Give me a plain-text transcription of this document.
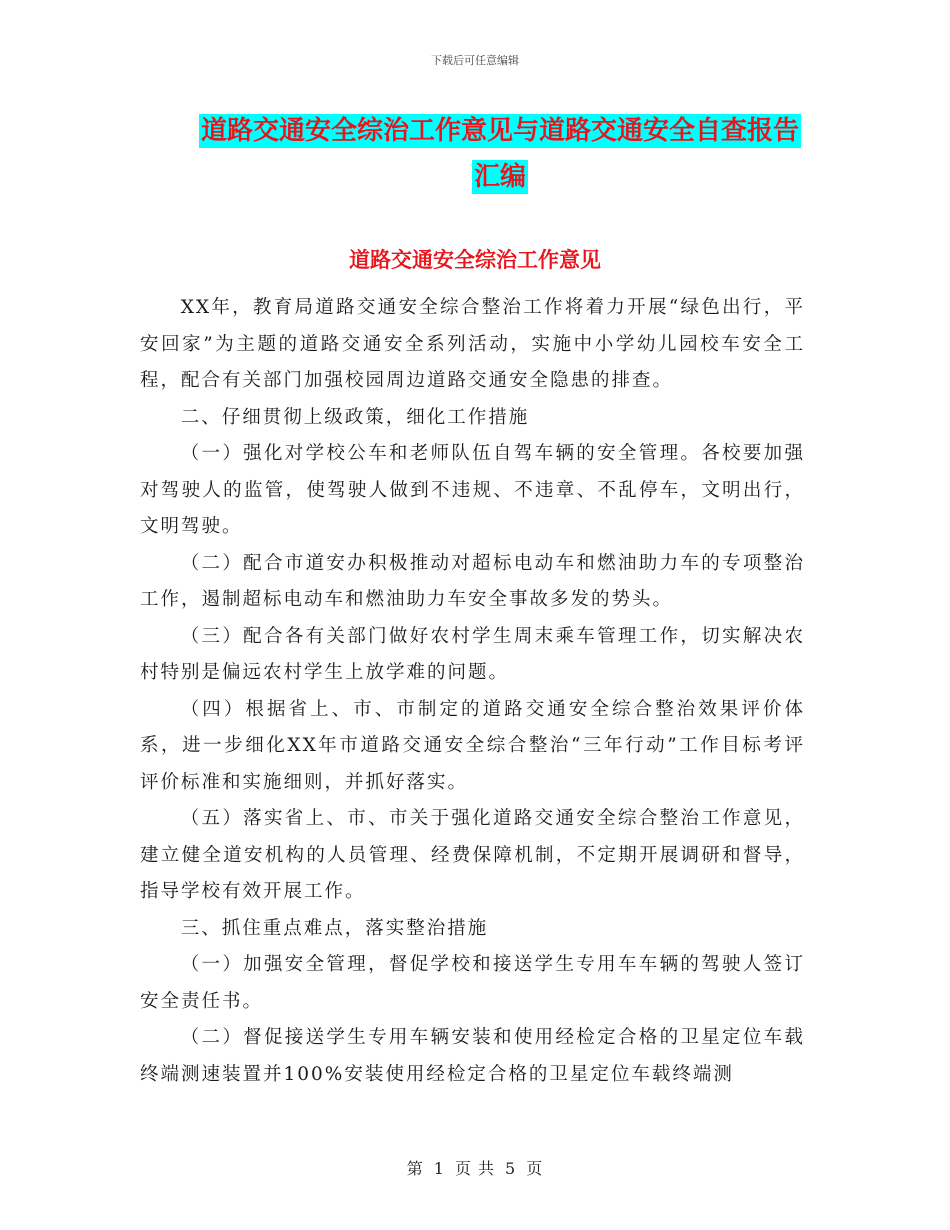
下载后可任意编辑
道路交通安全综治工作意见与道路交通安全自查报告
汇编
道路交通安全综治工作意见

XX年，教育局道路交通安全综合整治工作将着力开展“绿色出行，平安回家”为主题的道路交通安全系列活动，实施中小学幼儿园校车安全工程，配合有关部门加强校园周边道路交通安全隐患的排查。

二、仔细贯彻上级政策，细化工作措施

（一）强化对学校公车和老师队伍自驾车辆的安全管理。各校要加强对驾驶人的监管，使驾驶人做到不违规、不违章、不乱停车，文明出行，文明驾驶。

（二）配合市道安办积极推动对超标电动车和燃油助力车的专项整治工作，遏制超标电动车和燃油助力车安全事故多发的势头。

（三）配合各有关部门做好农村学生周末乘车管理工作，切实解决农村特别是偏远农村学生上放学难的问题。

（四）根据省上、市、市制定的道路交通安全综合整治效果评价体系，进一步细化XX年市道路交通安全综合整治“三年行动”工作目标考评评价标准和实施细则，并抓好落实。

（五）落实省上、市、市关于强化道路交通安全综合整治工作意见，建立健全道安机构的人员管理、经费保障机制，不定期开展调研和督导，指导学校有效开展工作。

三、抓住重点难点，落实整治措施

（一）加强安全管理，督促学校和接送学生专用车车辆的驾驶人签订安全责任书。

（二）督促接送学生专用车辆安装和使用经检定合格的卫星定位车载终端测速装置并100%安装使用经检定合格的卫星定位车载终端测

第 1 页 共 5 页
